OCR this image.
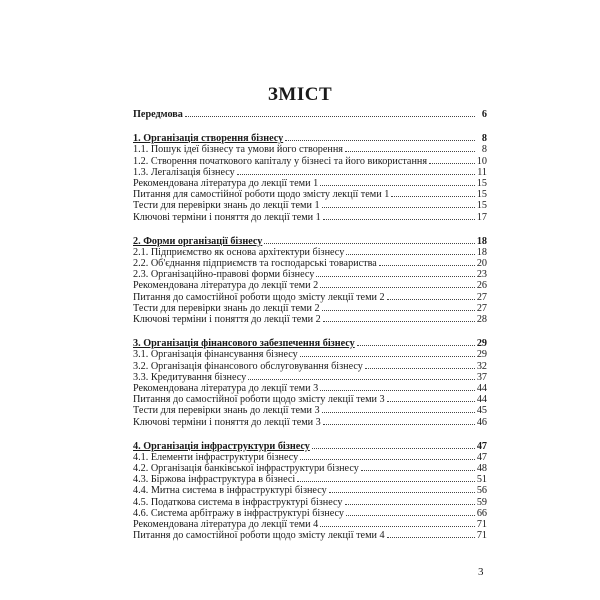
ЗМІСТ
Передмова	6
1. Організація створення бізнесу	8
1.1. Пошук ідеї бізнесу та умови його створення	8
1.2. Створення початкового капіталу у бізнесі та його використання	10
1.3. Легалізація бізнесу	11
Рекомендована література до лекції теми 1	15
Питання для самостійної роботи щодо змісту лекції теми 1	15
Тести для перевірки знань до лекції теми 1	15
Ключові терміни і поняття до лекції теми 1	17
2. Форми організації бізнесу	18
2.1. Підприємство як основа архітектури бізнесу	18
2.2. Об'єднання підприємств та господарські товариства	20
2.3. Організаційно-правові форми бізнесу	23
Рекомендована література до лекції теми 2	26
Питання до самостійної роботи щодо змісту лекції теми 2	27
Тести для перевірки знань до лекції теми 2	27
Ключові терміни і поняття до лекції теми 2	28
3. Організація фінансового забезпечення бізнесу	29
3.1. Організація фінансування бізнесу	29
3.2. Організація фінансового обслуговування бізнесу	32
3.3. Кредитування бізнесу	37
Рекомендована література до лекції теми 3	44
Питання до самостійної роботи щодо змісту лекції теми 3	44
Тести для перевірки знань до лекції теми 3	45
Ключові терміни і поняття до лекції теми 3	46
4. Організація інфраструктури бізнесу	47
4.1. Елементи інфраструктури бізнесу	47
4.2. Організація банківської інфраструктури бізнесу	48
4.3. Біржова інфраструктура в бізнесі	51
4.4. Митна система в інфраструктурі бізнесу	56
4.5. Податкова система в інфраструктурі бізнесу	59
4.6. Система арбітражу в інфраструктурі бізнесу	66
Рекомендована література до лекції теми 4	71
Питання до самостійної роботи щодо змісту лекції теми 4	71
3
